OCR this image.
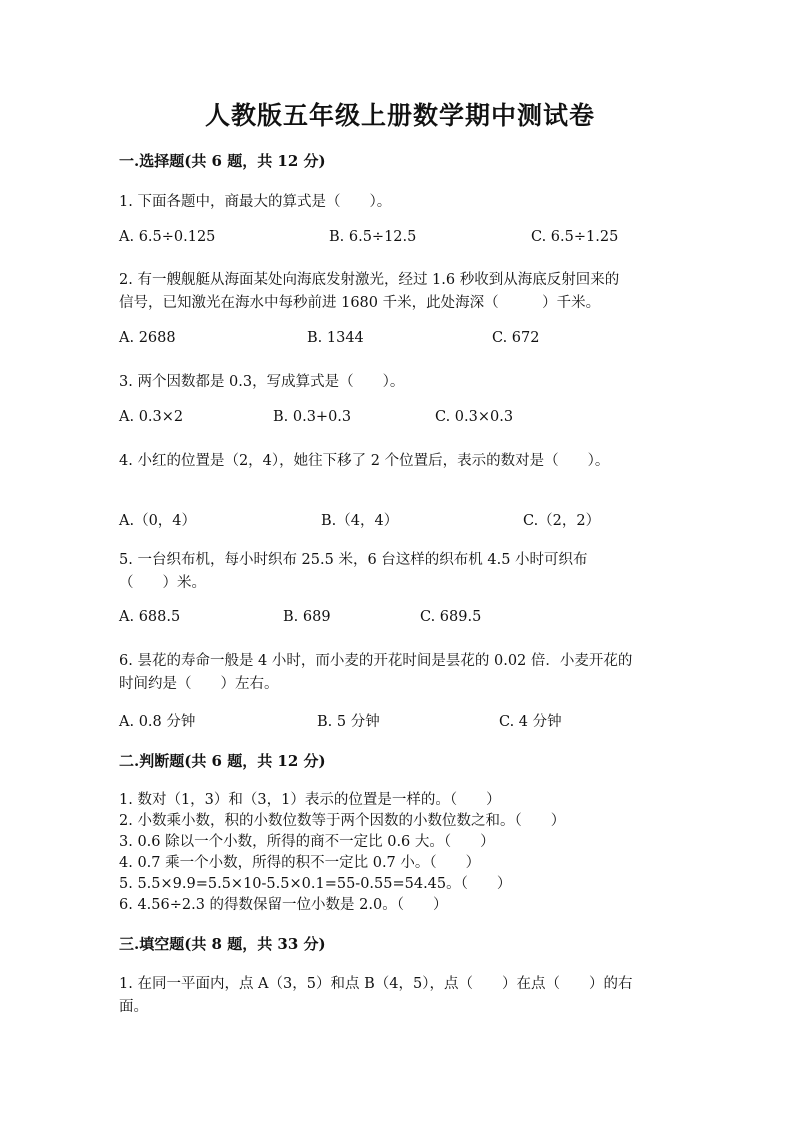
人教版五年级上册数学期中测试卷
一.选择题(共 6 题，共 12 分)
1. 下面各题中，商最大的算式是（　　）。
A. 6.5÷0.125	B. 6.5÷12.5	C. 6.5÷1.25
2. 有一艘舰艇从海面某处向海底发射激光，经过 1.6 秒收到从海底反射回来的
信号，已知激光在海水中每秒前进 1680 千米，此处海深（　　　）千米。
A. 2688	B. 1344	C. 672
3. 两个因数都是 0.3，写成算式是（　　）。
A. 0.3×2	B. 0.3+0.3	C. 0.3×0.3
4. 小红的位置是（2，4），她往下移了 2 个位置后，表示的数对是（　　）。
A.（0，4）	B.（4，4）	C.（2，2）
5. 一台织布机，每小时织布 25.5 米，6 台这样的织布机 4.5 小时可织布
（　　）米。
A. 688.5	B. 689	C. 689.5
6. 昙花的寿命一般是 4 小时，而小麦的开花时间是昙花的 0.02 倍．小麦开花的
时间约是（　　）左右。
A. 0.8 分钟	B. 5 分钟	C. 4 分钟
二.判断题(共 6 题，共 12 分)
1. 数对（1，3）和（3，1）表示的位置是一样的。（　　）
2. 小数乘小数，积的小数位数等于两个因数的小数位数之和。（　　）
3. 0.6 除以一个小数，所得的商不一定比 0.6 大。（　　）
4. 0.7 乘一个小数，所得的积不一定比 0.7 小。（　　）
5. 5.5×9.9=5.5×10-5.5×0.1=55-0.55=54.45。（　　）
6. 4.56÷2.3 的得数保留一位小数是 2.0。（　　）
三.填空题(共 8 题，共 33 分)
1. 在同一平面内，点 A（3，5）和点 B（4，5），点（　　）在点（　　）的右
面。
